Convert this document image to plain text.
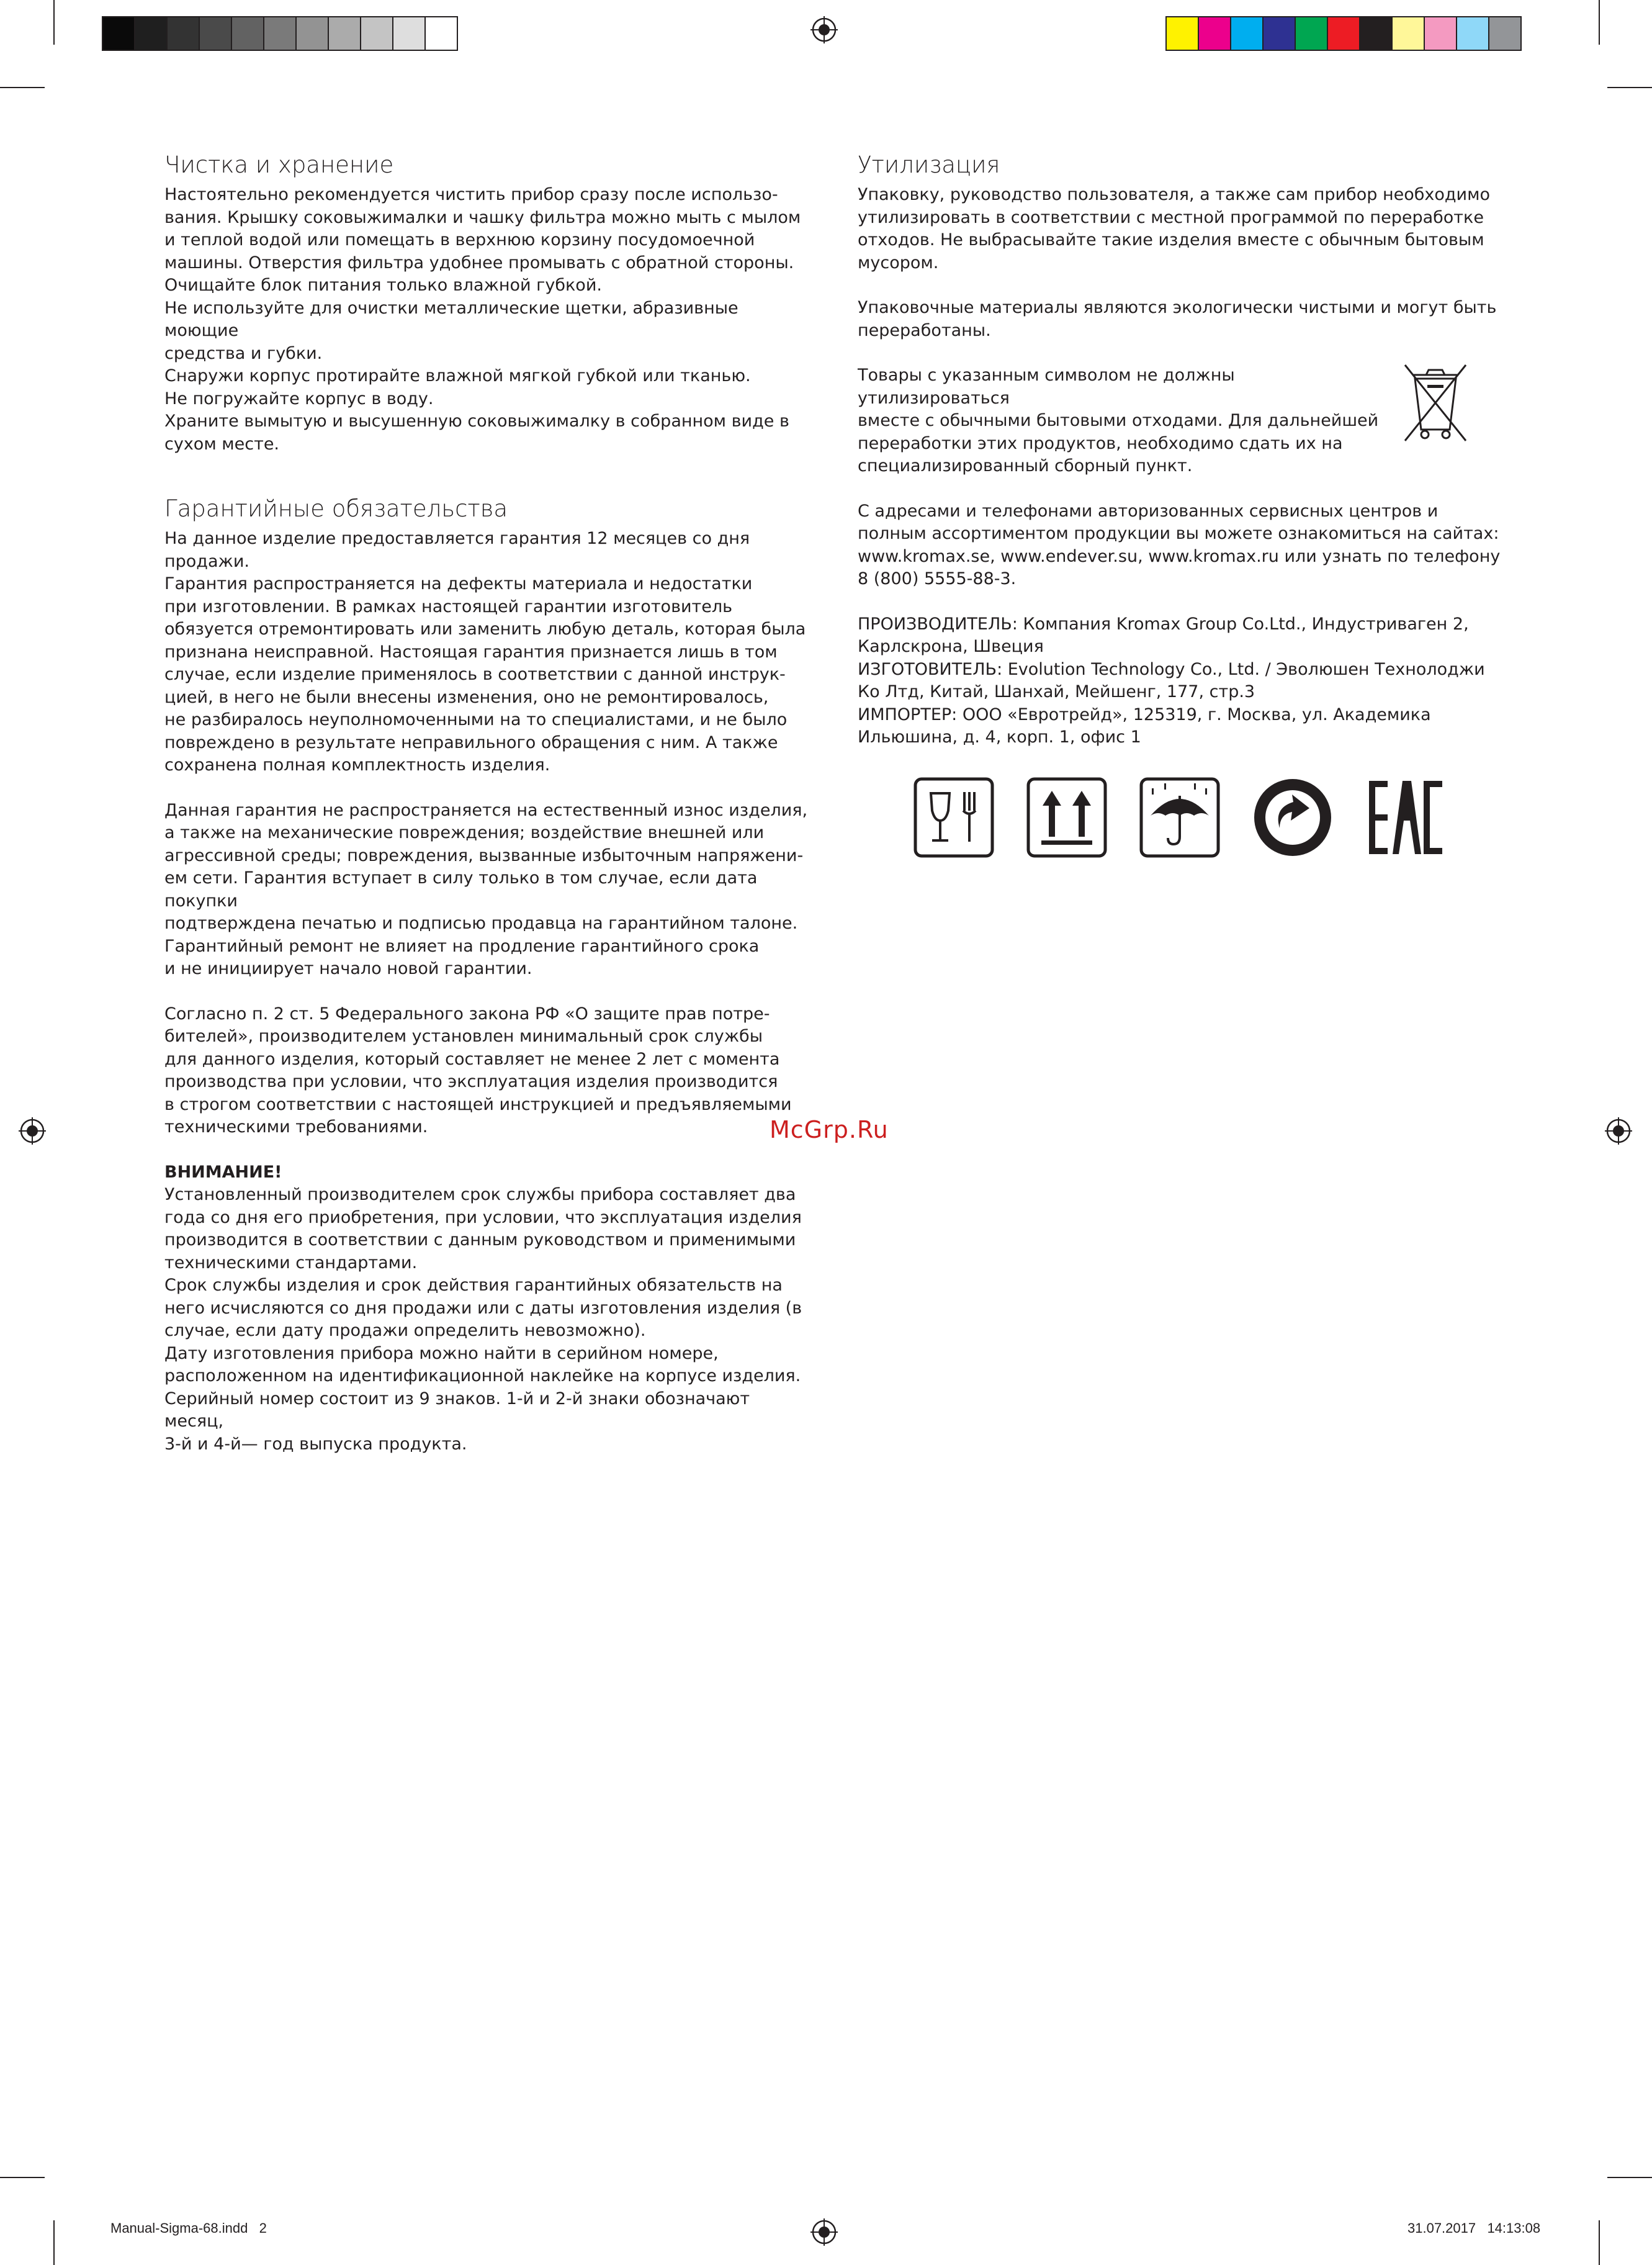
Чистка и хранение

Настоятельно рекомендуется чистить прибор сразу после использо-
вания. Крышку соковыжималки и чашку фильтра можно мыть с мылом
и теплой водой или помещать в верхнюю корзину посудомоечной
машины. Отверстия фильтра удобнее промывать с обратной стороны.
Очищайте блок питания только влажной губкой.
Не используйте для очистки металлические щетки, абразивные моющие
средства и губки.
Снаружи корпус протирайте влажной мягкой губкой или тканью.
Не погружайте корпус в воду.
Храните вымытую и высушенную соковыжималку в собранном виде в
сухом месте.

Гарантийные обязательства

На данное изделие предоставляется гарантия 12 месяцев со дня продажи.
Гарантия распространяется на дефекты материала и недостатки
при изготовлении. В рамках настоящей гарантии изготовитель
обязуется отремонтировать или заменить любую деталь, которая была
признана неисправной. Настоящая гарантия признается лишь в том
случае, если изделие применялось в соответствии с данной инструк-
цией, в него не были внесены изменения, оно не ремонтировалось,
не разбиралось неуполномоченными на то специалистами, и не было
повреждено в результате неправильного обращения с ним. А также
сохранена полная комплектность изделия.

Данная гарантия не распространяется на естественный износ изделия,
а также на механические повреждения; воздействие внешней или
агрессивной среды; повреждения, вызванные избыточным напряжени-
ем сети. Гарантия вступает в силу только в том случае, если дата покупки
подтверждена печатью и подписью продавца на гарантийном талоне.
Гарантийный ремонт не влияет на продление гарантийного срока
и не инициирует начало новой гарантии.

Согласно п. 2 ст. 5 Федерального закона РФ «О защите прав потре-
бителей», производителем установлен минимальный срок службы
для данного изделия, который составляет не менее 2 лет с момента
производства при условии, что эксплуатация изделия производится
в строгом соответствии с настоящей инструкцией и предъявляемыми
техническими требованиями.

ВНИМАНИЕ!

Установленный производителем срок службы прибора составляет два
года со дня его приобретения, при условии, что эксплуатация изделия
производится в соответствии с данным руководством и применимыми
техническими стандартами.
Срок службы изделия и срок действия гарантийных обязательств на
него исчисляются со дня продажи или с даты изготовления изделия (в
случае, если дату продажи определить невозможно).
Дату изготовления прибора можно найти в серийном номере,
расположенном на идентификационной наклейке на корпусе изделия.
Серийный номер состоит из 9 знаков. 1-й и 2-й знаки обозначают месяц,
3-й и 4-й— год выпуска продукта.

Утилизация

Упаковку, руководство пользователя, а также сам прибор необходимо
утилизировать в соответствии с местной программой по переработке
отходов. Не выбрасывайте такие изделия вместе с обычным бытовым
мусором.

Упаковочные материалы являются экологически чистыми и могут быть
переработаны.

Товары с указанным символом не должны утилизироваться
вместе с обычными бытовыми отходами. Для дальнейшей
переработки этих продуктов, необходимо сдать их на
специализированный сборный пункт.

С адресами и телефонами авторизованных сервисных центров и
полным ассортиментом продукции вы можете ознакомиться на сайтах:
www.kromax.se, www.endever.su, www.kromax.ru или узнать по телефону
8 (800) 5555-88-3.

ПРОИЗВОДИТЕЛЬ: Компания Kromax Group Co.Ltd., Индустриваген 2,
Карлскрона, Швеция
ИЗГОТОВИТЕЛЬ: Evolution Technology Co., Ltd. / Эволюшен Технолоджи
Ко Лтд, Китай, Шанхай, Мейшенг, 177, стр.3
ИМПОРТЕР: ООО «Евротрейд», 125319, г. Москва, ул. Академика
Ильюшина, д. 4, корп. 1, офис 1

EAC
McGrp.Ru
Manual-Sigma-68.indd   2	31.07.2017   14:13:08
